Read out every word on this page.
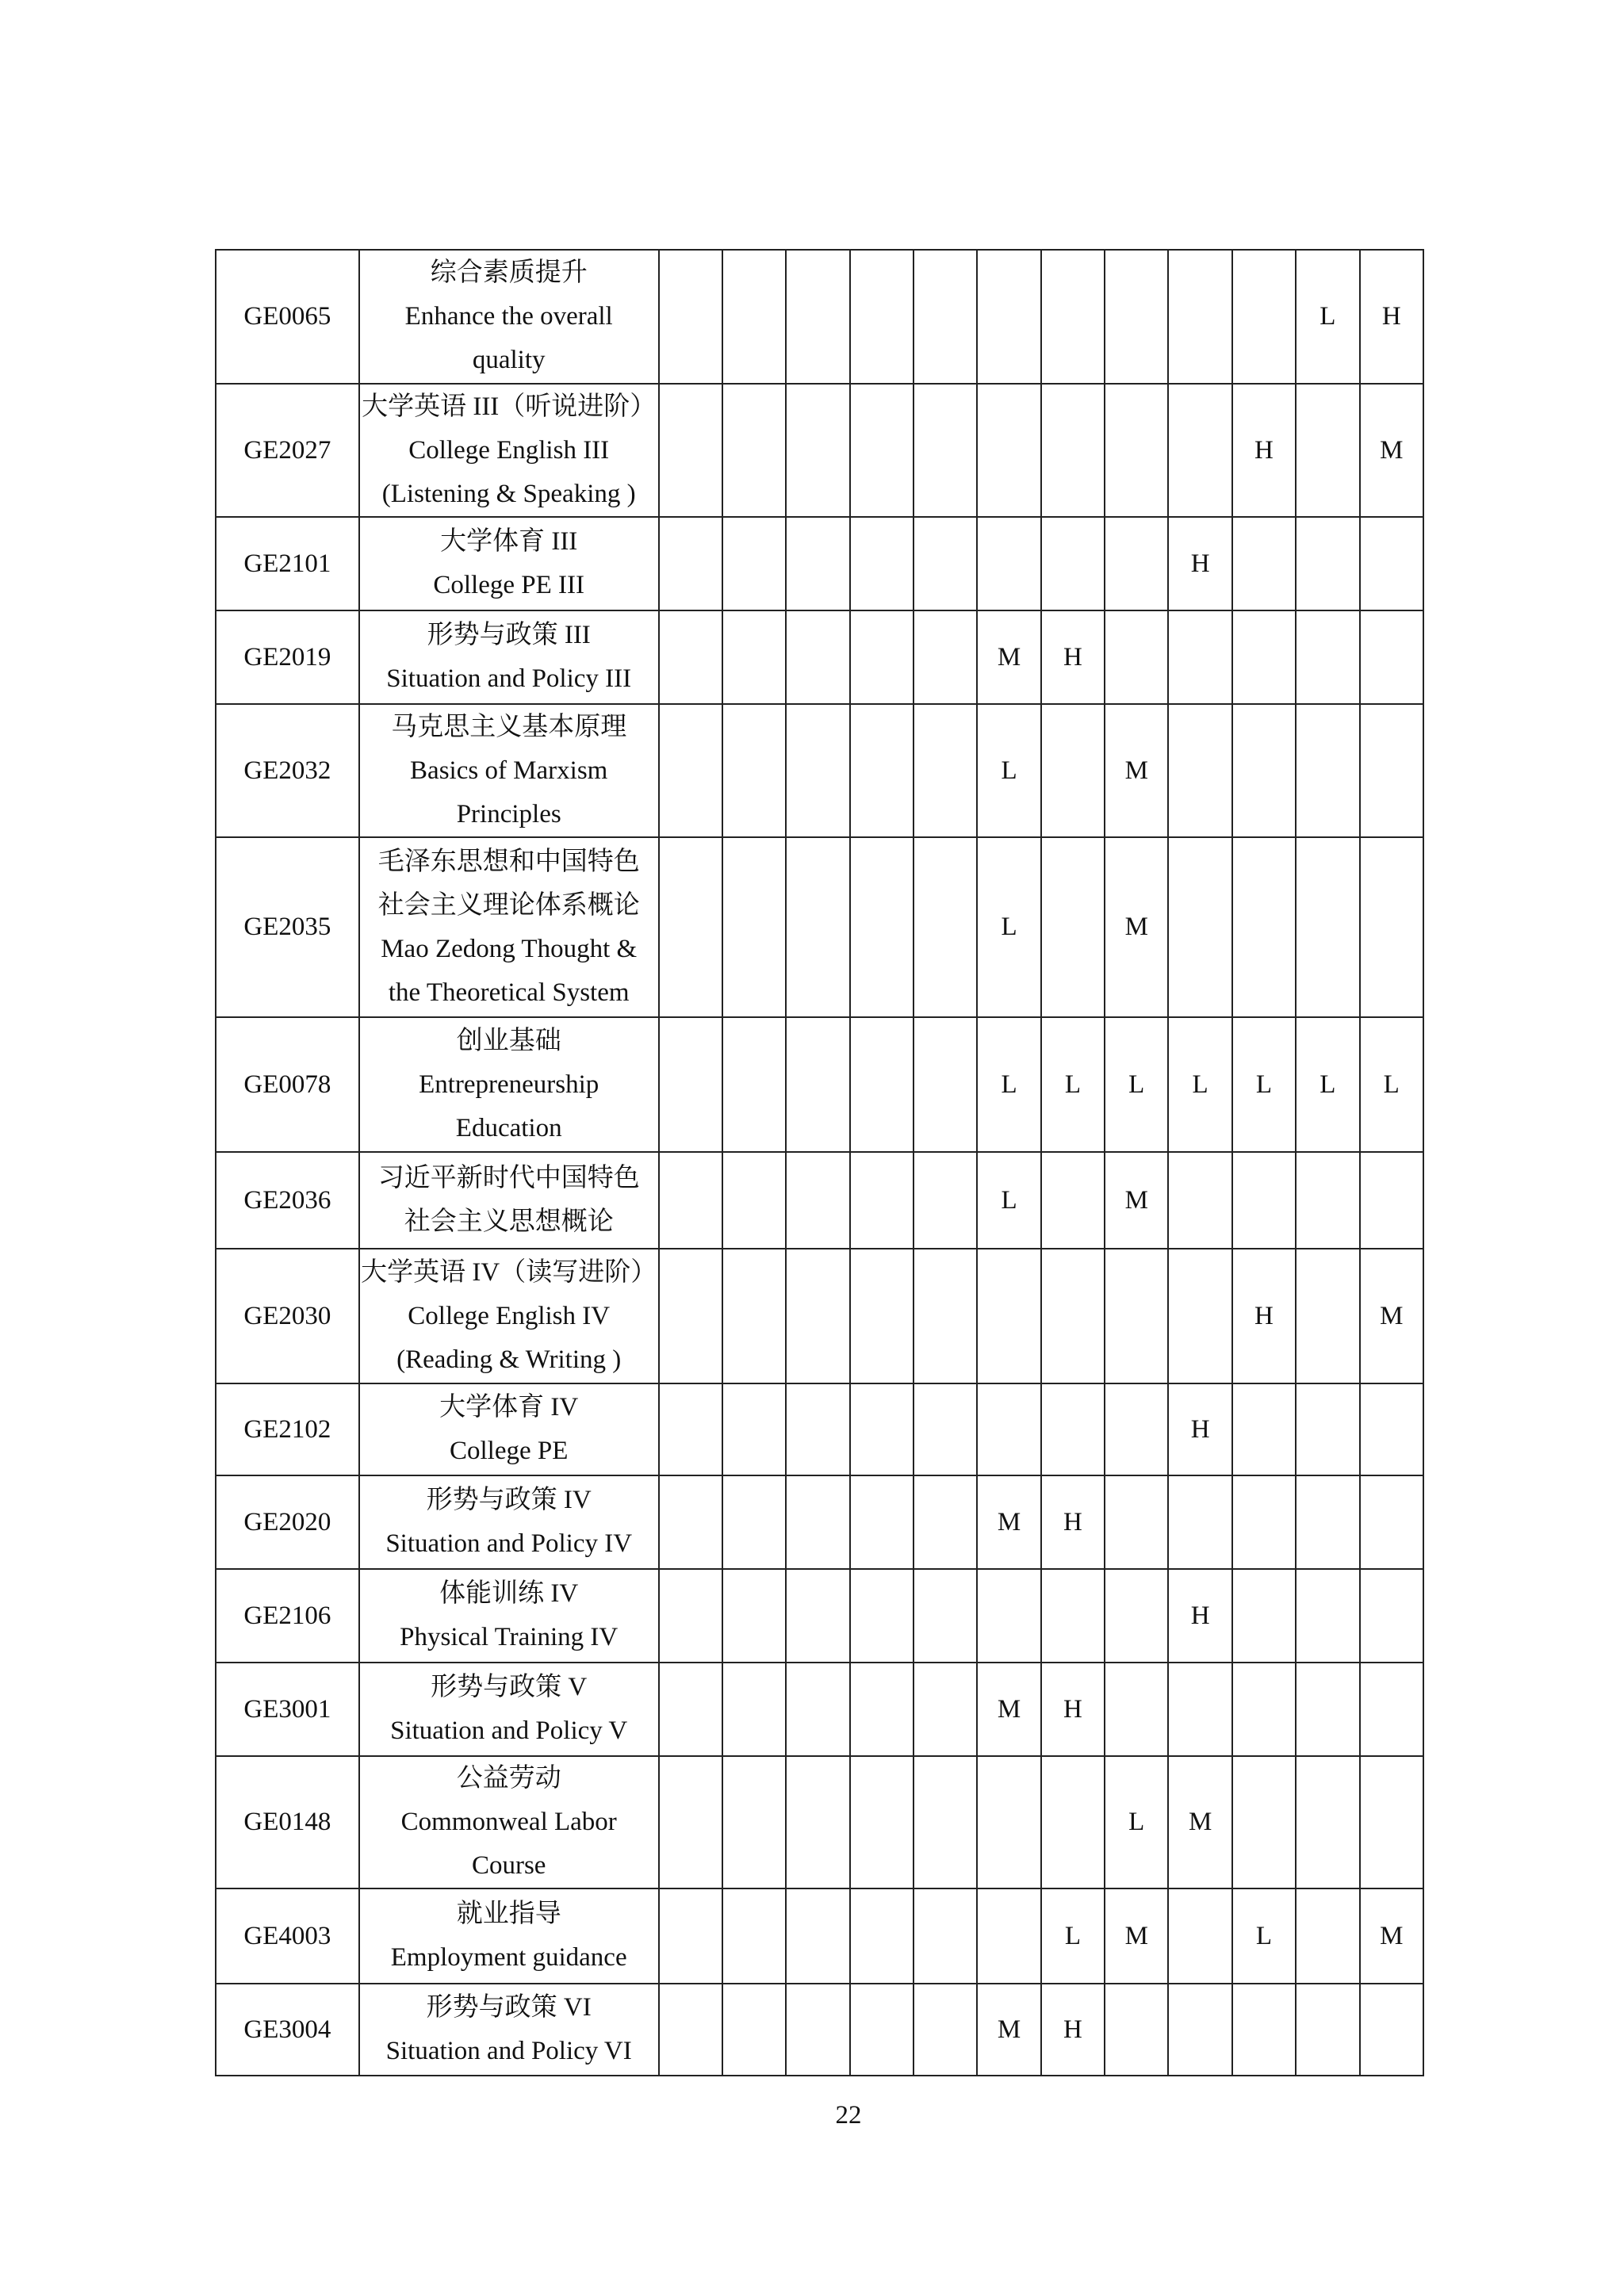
GE0065	综合素质提升
Enhance the overall
quality											L	H
GE2027	大学英语 III（听说进阶）
College English III
(Listening & Speaking )										H		M
GE2101	大学体育 III
College PE III									H			
GE2019	形势与政策 III
Situation and Policy III						M	H					
GE2032	马克思主义基本原理
Basics of Marxism
Principles						L		M				
GE2035	毛泽东思想和中国特色
社会主义理论体系概论
Mao Zedong Thought &
the Theoretical System						L		M				
GE0078	创业基础
Entrepreneurship
Education						L	L	L	L	L	L	L
GE2036	习近平新时代中国特色
社会主义思想概论						L		M				
GE2030	大学英语 IV（读写进阶）
College English IV
(Reading & Writing )										H		M
GE2102	大学体育 IV
College PE									H			
GE2020	形势与政策 IV
Situation and Policy IV						M	H					
GE2106	体能训练 IV
Physical Training IV									H			
GE3001	形势与政策 V
Situation and Policy V						M	H					
GE0148	公益劳动
Commonweal Labor
Course								L	M			
GE4003	就业指导
Employment guidance							L	M		L		M
GE3004	形势与政策 VI
Situation and Policy VI						M	H					
22
